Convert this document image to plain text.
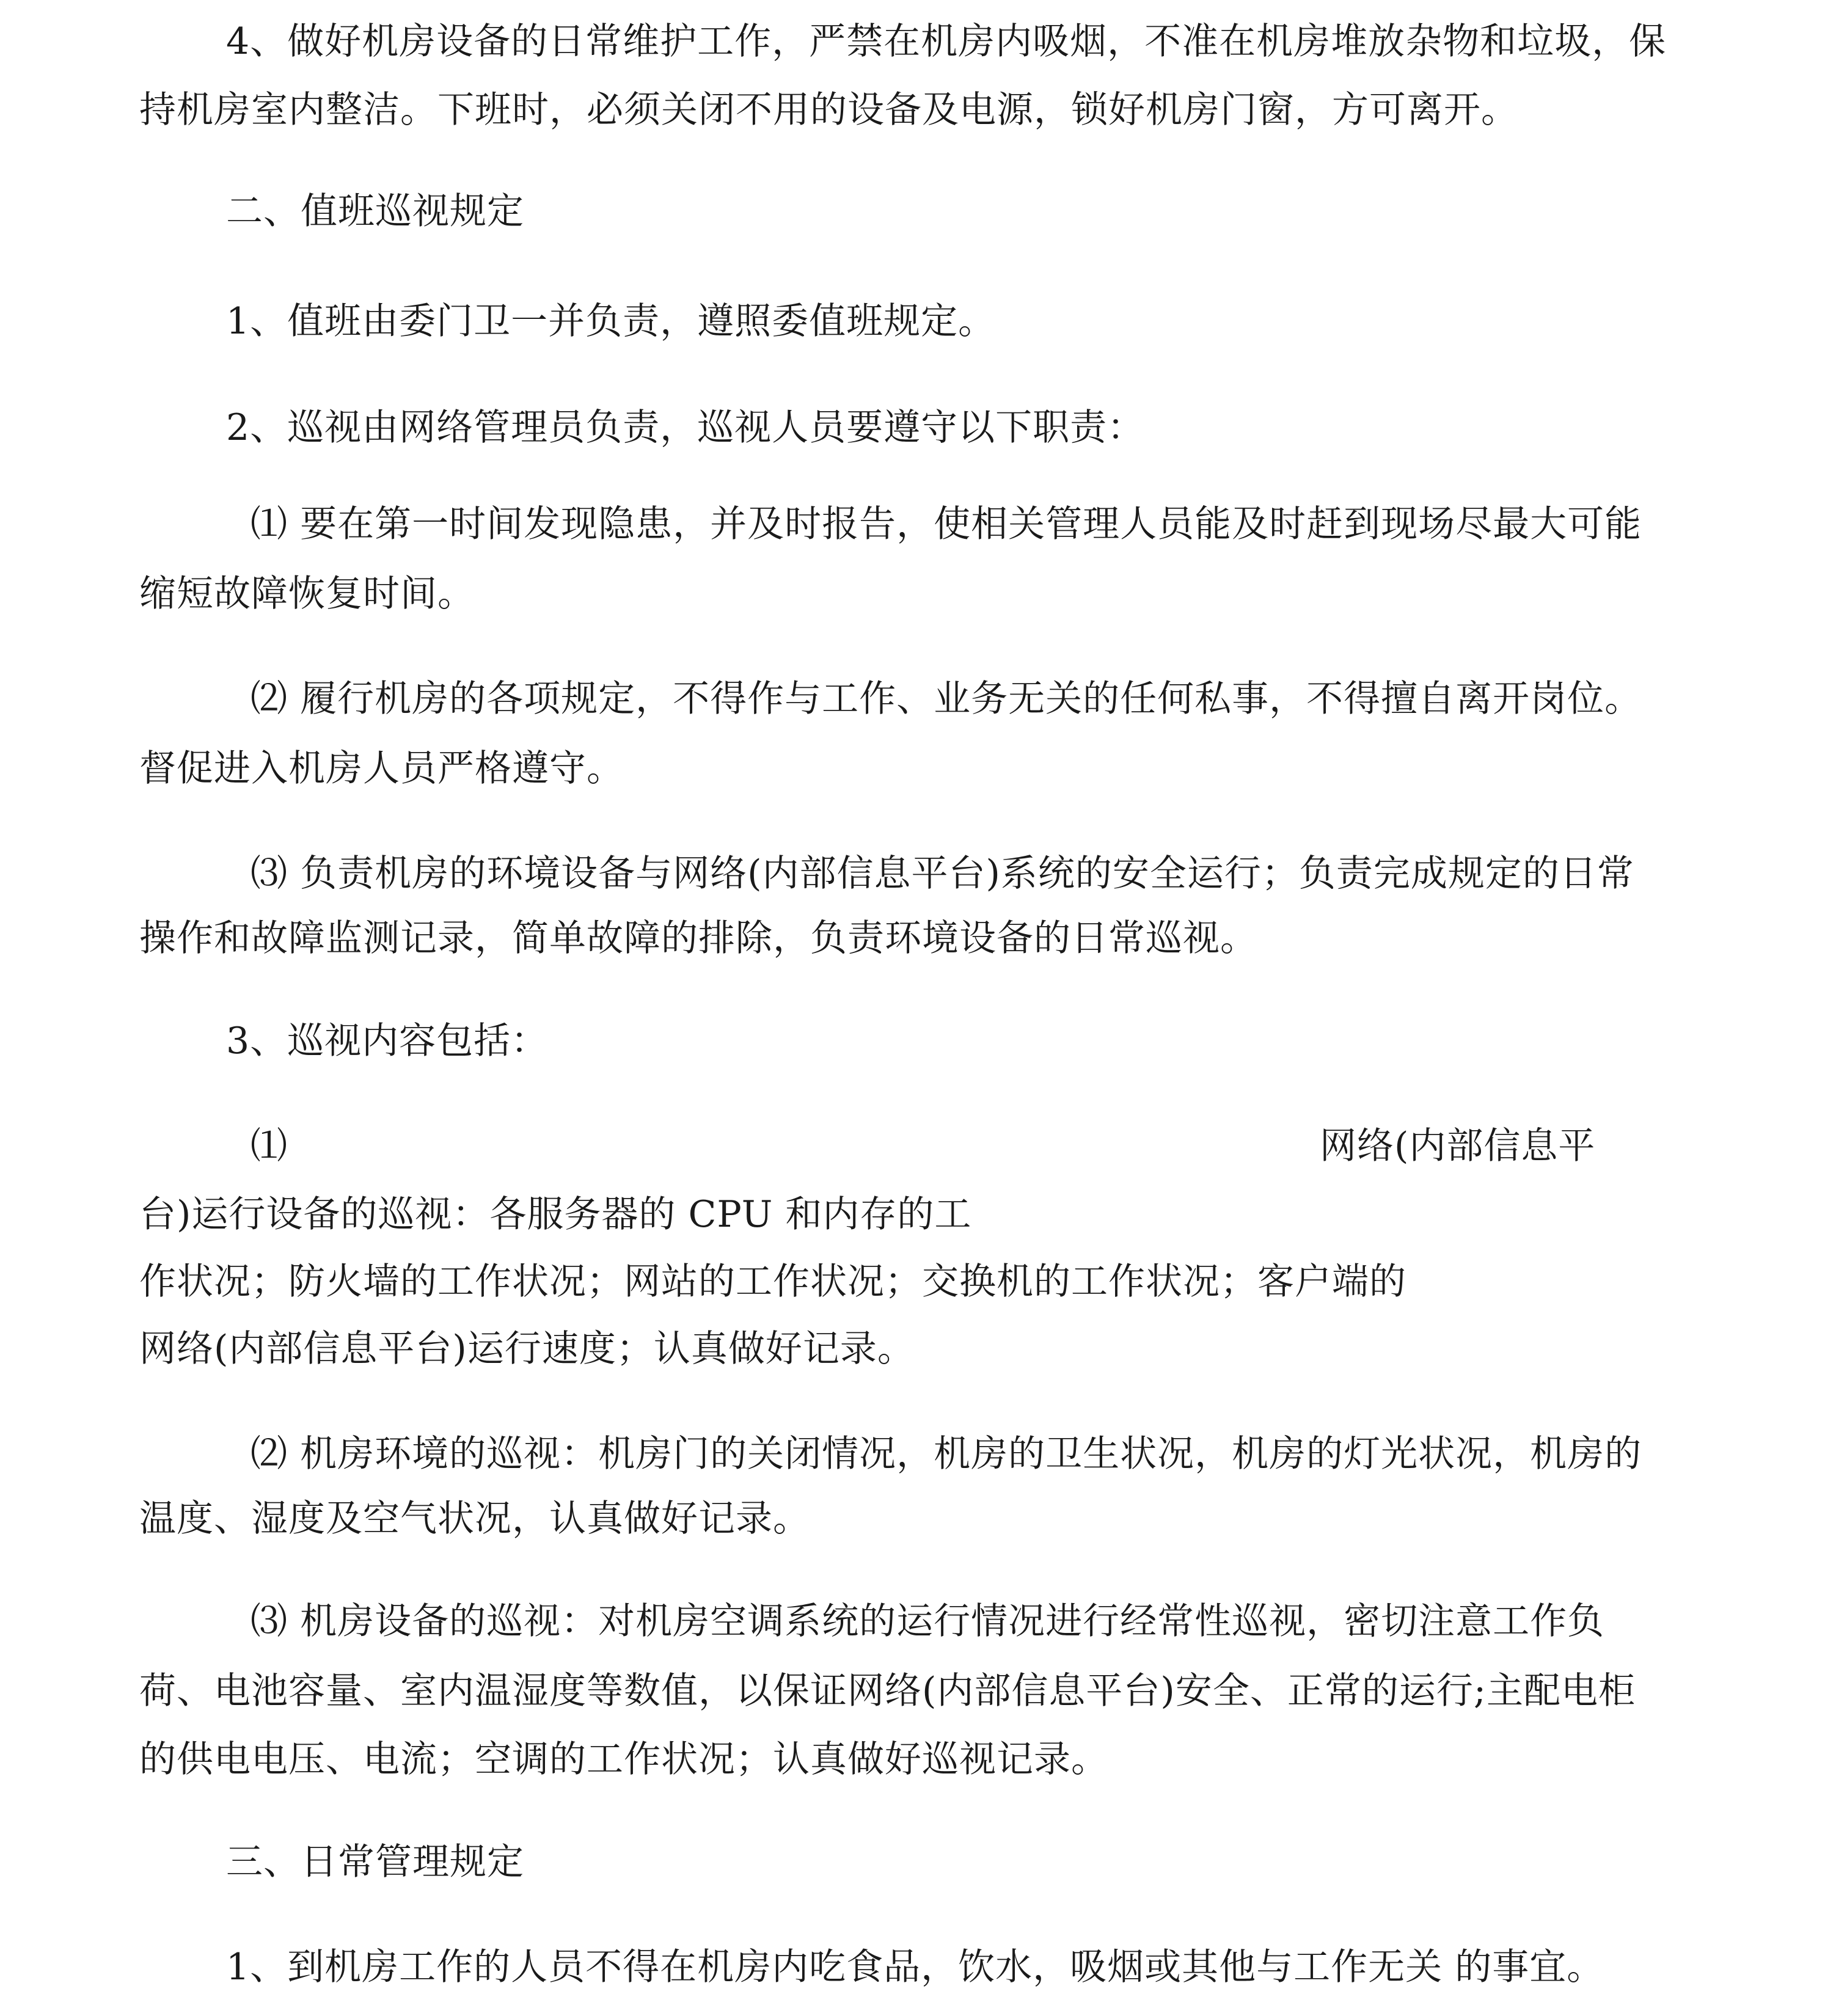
4、做好机房设备的日常维护工作，严禁在机房内吸烟，不准在机房堆放杂物和垃圾，保
持机房室内整洁。下班时，必须关闭不用的设备及电源，锁好机房门窗，方可离开。
二、值班巡视规定
1、值班由委门卫一并负责，遵照委值班规定。
2、巡视由网络管理员负责，巡视人员要遵守以下职责：
⑴ 要在第一时间发现隐患，并及时报告，使相关管理人员能及时赶到现场尽最大可能
缩短故障恢复时间。
⑵ 履行机房的各项规定，不得作与工作、业务无关的任何私事，不得擅自离开岗位。
督促进入机房人员严格遵守。
⑶ 负责机房的环境设备与网络(内部信息平台)系统的安全运行；负责完成规定的日常
操作和故障监测记录，简单故障的排除，负责环境设备的日常巡视。
3、巡视内容包括：
⑴	网络(内部信息平
台)运行设备的巡视：各服务器的 CPU 和内存的工
作状况；防火墙的工作状况；网站的工作状况；交换机的工作状况；客户端的
网络(内部信息平台)运行速度；认真做好记录。
⑵ 机房环境的巡视：机房门的关闭情况，机房的卫生状况，机房的灯光状况，机房的
温度、湿度及空气状况，认真做好记录。
⑶ 机房设备的巡视：对机房空调系统的运行情况进行经常性巡视，密切注意工作负
荷、电池容量、室内温湿度等数值，以保证网络(内部信息平台)安全、正常的运行;主配电柜
的供电电压、电流；空调的工作状况；认真做好巡视记录。
三、日常管理规定
1、到机房工作的人员不得在机房内吃食品，饮水，吸烟或其他与工作无关 的事宜。
